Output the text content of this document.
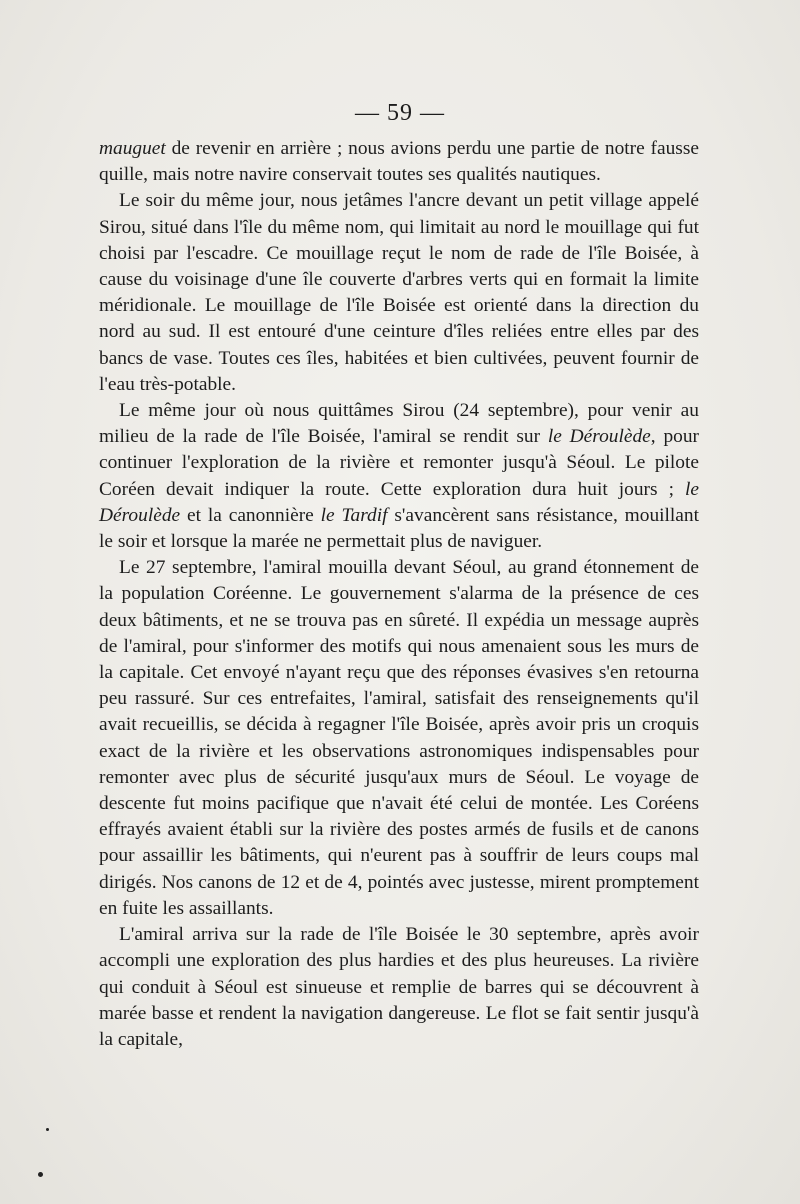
— 59 —

mauguet de revenir en arrière ; nous avions perdu une partie de notre fausse quille, mais notre navire conservait toutes ses qualités nautiques.

Le soir du même jour, nous jetâmes l'ancre devant un petit village appelé Sirou, situé dans l'île du même nom, qui limitait au nord le mouillage qui fut choisi par l'escadre. Ce mouillage reçut le nom de rade de l'île Boisée, à cause du voisinage d'une île couverte d'arbres verts qui en formait la limite méridionale. Le mouillage de l'île Boisée est orienté dans la direction du nord au sud. Il est entouré d'une ceinture d'îles reliées entre elles par des bancs de vase. Toutes ces îles, habitées et bien cultivées, peuvent fournir de l'eau très-potable.

Le même jour où nous quittâmes Sirou (24 septembre), pour venir au milieu de la rade de l'île Boisée, l'amiral se rendit sur le Déroulède, pour continuer l'exploration de la rivière et remonter jusqu'à Séoul. Le pilote Coréen devait indiquer la route. Cette exploration dura huit jours ; le Déroulède et la canonnière le Tardif s'avancèrent sans résistance, mouillant le soir et lorsque la marée ne permettait plus de naviguer.

Le 27 septembre, l'amiral mouilla devant Séoul, au grand étonnement de la population Coréenne. Le gouvernement s'alarma de la présence de ces deux bâtiments, et ne se trouva pas en sûreté. Il expédia un message auprès de l'amiral, pour s'informer des motifs qui nous amenaient sous les murs de la capitale. Cet envoyé n'ayant reçu que des réponses évasives s'en retourna peu rassuré. Sur ces entrefaites, l'amiral, satisfait des renseignements qu'il avait recueillis, se décida à regagner l'île Boisée, après avoir pris un croquis exact de la rivière et les observations astronomiques indispensables pour remonter avec plus de sécurité jusqu'aux murs de Séoul. Le voyage de descente fut moins pacifique que n'avait été celui de montée. Les Coréens effrayés avaient établi sur la rivière des postes armés de fusils et de canons pour assaillir les bâtiments, qui n'eurent pas à souffrir de leurs coups mal dirigés. Nos canons de 12 et de 4, pointés avec justesse, mirent promptement en fuite les assaillants.

L'amiral arriva sur la rade de l'île Boisée le 30 septembre, après avoir accompli une exploration des plus hardies et des plus heureuses. La rivière qui conduit à Séoul est sinueuse et remplie de barres qui se découvrent à marée basse et rendent la navigation dangereuse. Le flot se fait sentir jusqu'à la capitale,
